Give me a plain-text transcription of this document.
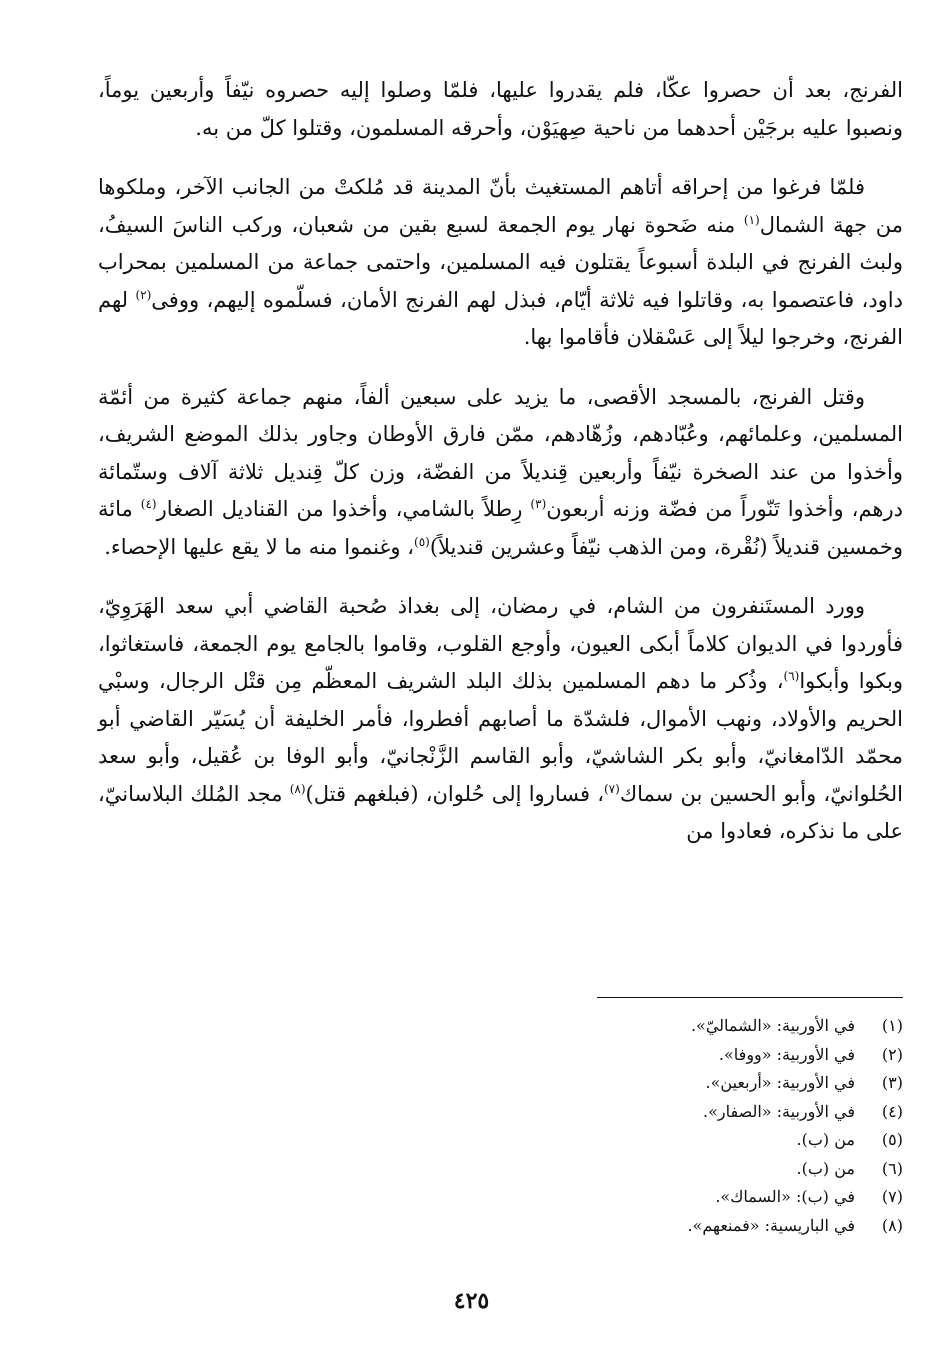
الفرنج، بعد أن حصروا عكّا، فلم يقدروا عليها، فلمّا وصلوا إليه حصروه نيّفاً وأربعين يوماً، ونصبوا عليه برجَيْن أحدهما من ناحية صِهيَوْن، وأحرقه المسلمون، وقتلوا كلّ من به.
فلمّا فرغوا من إحراقه أتاهم المستغيث بأنّ المدينة قد مُلكتْ من الجانب الآخر، وملكوها من جهة الشمال$^{(١)}$ منه ضَحوة نهار يوم الجمعة لسبع بقين من شعبان، وركب الناسَ السيفُ، ولبث الفرنج في البلدة أسبوعاً يقتلون فيه المسلمين، واحتمى جماعة من المسلمين بمحراب داود، فاعتصموا به، وقاتلوا فيه ثلاثة أيّام، فبذل لهم الفرنج الأمان، فسلّموه إليهم، ووفى$^{(٢)}$ لهم الفرنج، وخرجوا ليلاً إلى عَسْقلان فأقاموا بها.
وقتل الفرنج، بالمسجد الأقصى، ما يزيد على سبعين ألفاً، منهم جماعة كثيرة من أئمّة المسلمين، وعلمائهم، وعُبّادهم، وزُهّادهم، ممّن فارق الأوطان وجاور بذلك الموضع الشريف، وأخذوا من عند الصخرة نيّفاً وأربعين قِنديلاً من الفضّة، وزن كلّ قِنديل ثلاثة آلاف وستّمائة درهم، وأخذوا تَنّوراً من فضّة وزنه أربعون$^{(٣)}$ رِطلاً بالشامي، وأخذوا من القناديل الصغار$^{(٤)}$ مائة وخمسين قنديلاً (نُقْرة، ومن الذهب نيّفاً وعشرين قنديلاً)$^{(٥)}$، وغنموا منه ما لا يقع عليها الإحصاء.
وورد المستَنفرون من الشام، في رمضان، إلى بغداذ صُحبة القاضي أبي سعد الهَرَوِيّ، فأوردوا في الديوان كلاماً أبكى العيون، وأوجع القلوب، وقاموا بالجامع يوم الجمعة، فاستغاثوا، وبكوا وأبكوا$^{(٦)}$، وذُكر ما دهم المسلمين بذلك البلد الشريف المعظّم مِن قتْل الرجال، وسبْي الحريم والأولاد، ونهب الأموال، فلشدّة ما أصابهم أفطروا، فأمر الخليفة أن يُسَيّر القاضي أبو محمّد الدّامغانيّ، وأبو بكر الشاشيّ، وأبو القاسم الزَّنْجانيّ، وأبو الوفا بن عُقيل، وأبو سعد الحُلوانيّ، وأبو الحسين بن سماك$^{(٧)}$، فساروا إلى حُلوان، (فبلغهم قتل)$^{(٨)}$ مجد المُلك البلاسانيّ، على ما نذكره، فعادوا من
(١)
في الأوربية: «الشماليّ».
(٢)
في الأوربية: «ووفا».
(٣)
في الأوربية: «أربعين».
(٤)
في الأوربية: «الصفار».
(٥)
من (ب).
(٦)
من (ب).
(٧)
في (ب): «السماك».
(٨)
في الباريسية: «فمنعهم».
٤٢٥
